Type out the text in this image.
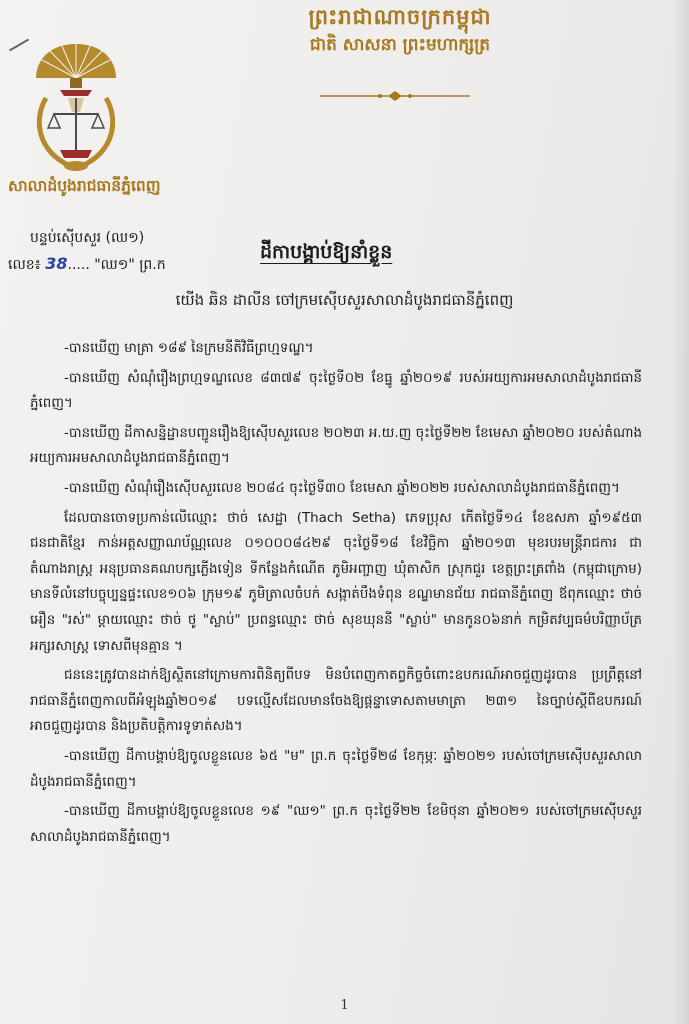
ព្រះរាជាណាចក្រកម្ពុជា
ជាតិ សាសនា ព្រះមហាក្សត្រ
សាលាដំបូងរាជធានីភ្នំពេញ
បន្ទប់ស៊ើបសួរ (ឈ១)
លេខ៖ 38..... "ឈ១" ព្រ.ក
ដីកាបង្គាប់ឱ្យនាំខ្លួន
យើង ឆិន ដាលីន ចៅក្រមស៊ើបសួរសាលាដំបូងរាជធានីភ្នំពេញ

-បានឃើញ មាត្រា ១៨៩ នៃក្រមនីតិវិធីព្រហ្មទណ្ឌ។

-បានឃើញ សំណុំរឿងព្រហ្មទណ្ឌលេខ ៨៣៧៩ ចុះថ្ងៃទី០២ ខែធ្នូ ឆ្នាំ២០១៩ របស់អយ្យការអមសាលាដំបូងរាជធានីភ្នំពេញ។

-បានឃើញ ដីកាសន្និដ្ឋានបញ្ជូនរឿងឱ្យស៊ើបសួរលេខ ២០២៣ អ.យ.ញ ចុះថ្ងៃទី២២ ខែមេសា ឆ្នាំ២០២០ របស់តំណាងអយ្យការអមសាលាដំបូងរាជធានីភ្នំពេញ។

-បានឃើញ សំណុំរឿងស៊ើបសួរលេខ ២០៨៤ ចុះថ្ងៃទី៣០ ខែមេសា ឆ្នាំ២០២២ របស់សាលាដំបូងរាជធានីភ្នំពេញ។

ដែលបានចោទប្រកាន់លើឈ្មោះ ថាច់ សេដ្ឋា (Thach Setha) ភេទប្រុស កើតថ្ងៃទី១៤ ខែឧសភា ឆ្នាំ១៩៥៣ ជនជាតិខ្មែរ កាន់អត្តសញ្ញាណប័ណ្ណលេខ ០១០០០៨៤២៩ ចុះថ្ងៃទី១៨ ខែវិច្ឆិកា ឆ្នាំ២០១៣ មុខរបរមន្ត្រីរាជការ ជាតំណាងរាស្ត្រ អនុប្រធានគណបក្សភ្លើងទៀន ទីកន្លែងកំណើត ភូមិអញ្ចាញ ឃុំតាសិក ស្រុកជួរ ខេត្តព្រះត្រពាំង (កម្ពុជាក្រោម) មានទីលំនៅបច្ចុប្បន្នផ្ទះលេខ១០៦ ក្រុម១៩ ភូមិត្រាលចំបក់ សង្កាត់បឹងទំពុន ខណ្ឌមានជ័យ រាជធានីភ្នំពេញ ឪពុកឈ្មោះ ថាច់ អឿន "រស់" ម្ដាយឈ្មោះ ថាច់ ថូ "ស្លាប់" ប្រពន្ធឈ្មោះ ថាច់ សុខឃុននី "ស្លាប់" មានកូន០៦នាក់ កម្រិតវប្បធម៌បរិញ្ញាប័ត្រអក្សរសាស្ត្រ ទោសពីមុនគ្មាន ។

ជននេះត្រូវបានដាក់ឱ្យស្ថិតនៅក្រោមការពិនិត្យពីបទ មិនបំពេញកាតព្វកិច្ចចំពោះឧបករណ៍អាចជួញដូរបាន ប្រព្រឹត្តនៅរាជធានីភ្នំពេញកាលពីអំឡុងឆ្នាំ២០១៩ បទល្មើសដែលមានចែងឱ្យផ្ដន្ទាទោសតាមមាត្រា ២៣១ នៃច្បាប់ស្ដីពីឧបករណ៍អាចជួញដូរបាន និងប្រតិបត្តិការទូទាត់សង។

-បានឃើញ ដីកាបង្គាប់ឱ្យចូលខ្លួនលេខ ៦៥ "ម" ព្រ.ក ចុះថ្ងៃទី២៨ ខែកុម្ភៈ ឆ្នាំ២០២១ របស់ចៅក្រមស៊ើបសួរសាលាដំបូងរាជធានីភ្នំពេញ។

-បានឃើញ ដីកាបង្គាប់ឱ្យចូលខ្លួនលេខ ១៩ "ឈ១" ព្រ.ក ចុះថ្ងៃទី២២ ខែមិថុនា ឆ្នាំ២០២១ របស់ចៅក្រមស៊ើបសួរសាលាដំបូងរាជធានីភ្នំពេញ។

1
